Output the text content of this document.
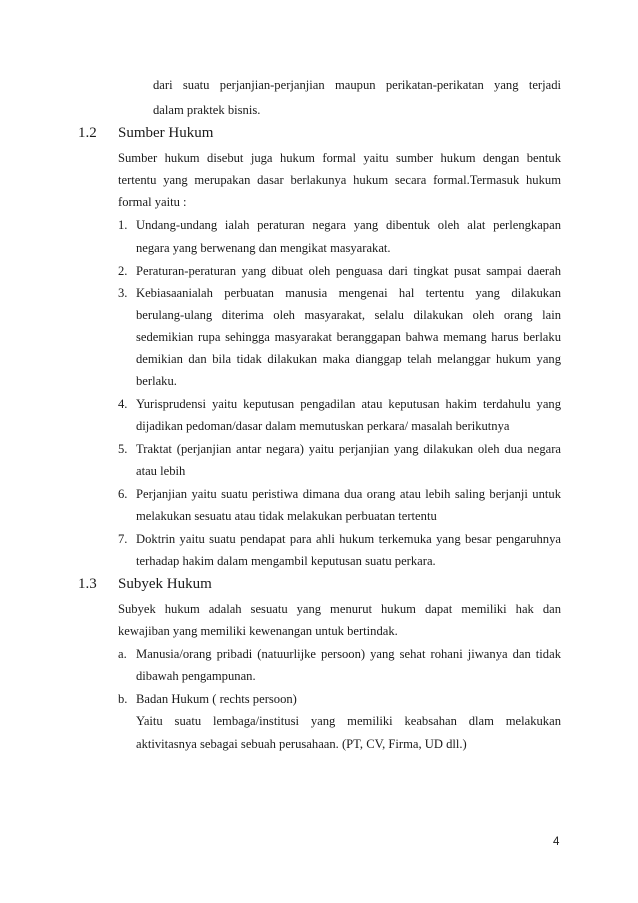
dari suatu perjanjian-perjanjian maupun perikatan-perikatan yang terjadi
dalam praktek bisnis.
1.2 Sumber Hukum
Sumber hukum disebut juga hukum formal yaitu sumber hukum dengan bentuk
tertentu yang merupakan dasar berlakunya hukum secara formal.Termasuk hukum
formal yaitu :
1. Undang-undang ialah peraturan negara yang dibentuk oleh alat perlengkapan
negara yang berwenang dan mengikat masyarakat.
2. Peraturan-peraturan yang dibuat oleh penguasa dari tingkat pusat sampai daerah
3. Kebiasaanialah perbuatan manusia mengenai hal tertentu yang dilakukan
berulang-ulang diterima oleh masyarakat, selalu dilakukan oleh orang lain
sedemikian rupa sehingga masyarakat beranggapan bahwa memang harus berlaku
demikian dan bila tidak dilakukan maka dianggap telah melanggar hukum yang
berlaku.
4. Yurisprudensi yaitu keputusan pengadilan atau keputusan hakim terdahulu yang
dijadikan pedoman/dasar dalam memutuskan perkara/ masalah berikutnya
5. Traktat (perjanjian antar negara) yaitu perjanjian yang dilakukan oleh dua negara
atau lebih
6. Perjanjian yaitu suatu peristiwa dimana dua orang atau lebih saling berjanji untuk
melakukan sesuatu atau tidak melakukan perbuatan tertentu
7. Doktrin yaitu suatu pendapat para ahli hukum terkemuka yang besar pengaruhnya
terhadap hakim dalam mengambil keputusan suatu perkara.
1.3 Subyek Hukum
Subyek hukum adalah sesuatu yang menurut hukum dapat memiliki hak dan
kewajiban yang memiliki kewenangan untuk bertindak.
a. Manusia/orang pribadi (natuurlijke persoon) yang sehat rohani jiwanya dan tidak
dibawah pengampunan.
b. Badan Hukum ( rechts persoon)
Yaitu suatu lembaga/institusi yang memiliki keabsahan dlam melakukan
aktivitasnya sebagai sebuah perusahaan. (PT, CV, Firma, UD dll.)
4
